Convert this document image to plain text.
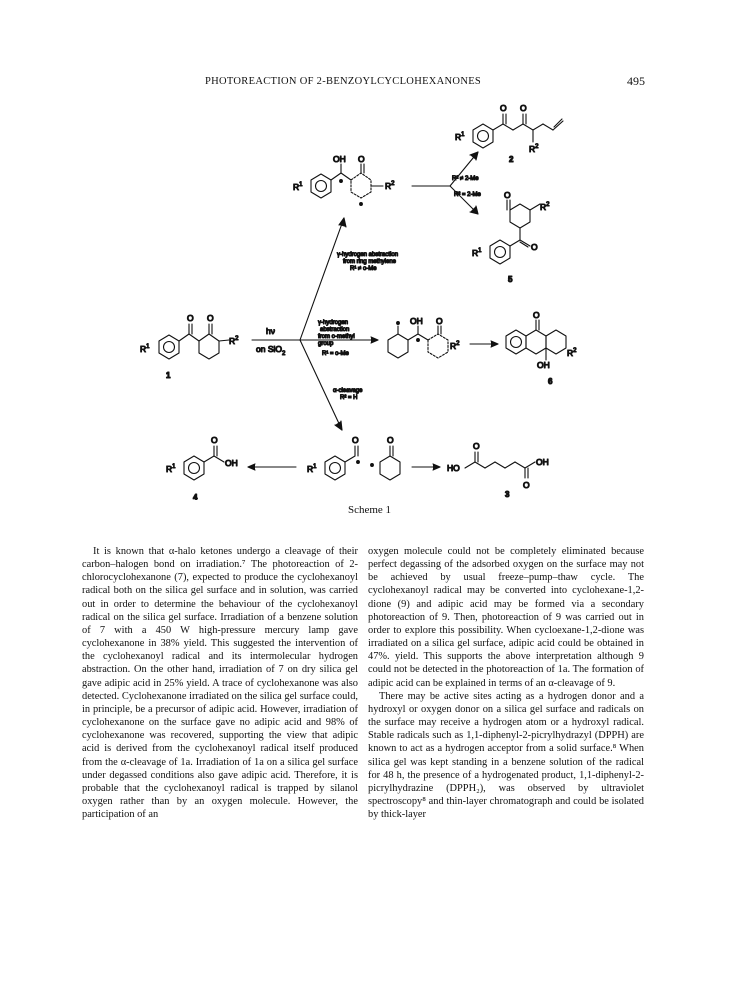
PHOTOREACTION OF 2-BENZOYLCYCLOHEXANONES	495
$R^1$
O O
$R^2$
1
hν
on SiO$_2$
γ-hydrogen abstraction
from ring methylene
R¹ ≠ o-Me
γ-hydrogen
abstraction
from o-methyl
group
R¹ = o-Me
α-cleavage
R² = H
$R^1$
OH O
$R^2$
R² ≠ 2-Me
R² = 2-Me
$R^1$
O O
$R^2$
2
O
$R^2$
O
$R^1$
5
OH O
$R^2$
O
OH
$R^2$
6
$R^1$
O	O
$R^1$
O
OH
4
HO
O
OH
O
3
Scheme 1

It is known that α-halo ketones undergo a cleavage of their carbon–halogen bond on irradiation.⁷ The photoreaction of 2-chlorocyclohexanone (7), expected to produce the cyclohexanoyl radical both on the silica gel surface and in solution, was carried out in order to determine the behaviour of the cyclohexanoyl radical on the silica gel surface. Irradiation of a benzene solution of 7 with a 450 W high-pressure mercury lamp gave cyclohexanone in 38% yield. This suggested the intervention of the cyclohexanoyl radical and its intermolecular hydrogen abstraction. On the other hand, irradiation of 7 on dry silica gel gave adipic acid in 25% yield. A trace of cyclohexanone was also detected. Cyclohexanone irradiated on the silica gel surface could, in principle, be a precursor of adipic acid. However, irradiation of cyclohexanone on the surface gave no adipic acid and 98% of cyclohexanone was recovered, supporting the view that adipic acid is derived from the cyclohexanoyl radical itself produced from the α-cleavage of 1a. Irradiation of 1a on a silica gel surface under degassed conditions also gave adipic acid. Therefore, it is probable that the cyclohexanoyl radical is trapped by silanol oxygen rather than by an oxygen molecule. However, the participation of an

oxygen molecule could not be completely eliminated because perfect degassing of the adsorbed oxygen on the surface may not be achieved by usual freeze–pump–thaw cycle. The cyclohexanoyl radical may be converted into cyclohexane-1,2-dione (9) and adipic acid may be formed via a secondary photoreaction of 9. Then, photoreaction of 9 was carried out in order to explore this possibility. When cycloexane-1,2-dione was irradiated on a silica gel surface, adipic acid could be obtained in 47%. yield. This supports the above interpretation although 9 could not be detected in the photoreaction of 1a. The formation of adipic acid can be explained in terms of an α-cleavage of 9.

There may be active sites acting as a hydrogen donor and a hydroxyl or oxygen donor on a silica gel surface and radicals on the surface may receive a hydrogen atom or a hydroxyl radical. Stable radicals such as 1,1-diphenyl-2-picrylhydrazyl (DPPH) are known to act as a hydrogen acceptor from a solid surface.⁸ When silica gel was kept standing in a benzene solution of the radical for 48 h, the presence of a hydrogenated product, 1,1-diphenyl-2-picrylhydrazine (DPPH₂), was observed by ultraviolet spectroscopy⁸ and thin-layer chromatograph and could be isolated by thick-layer
